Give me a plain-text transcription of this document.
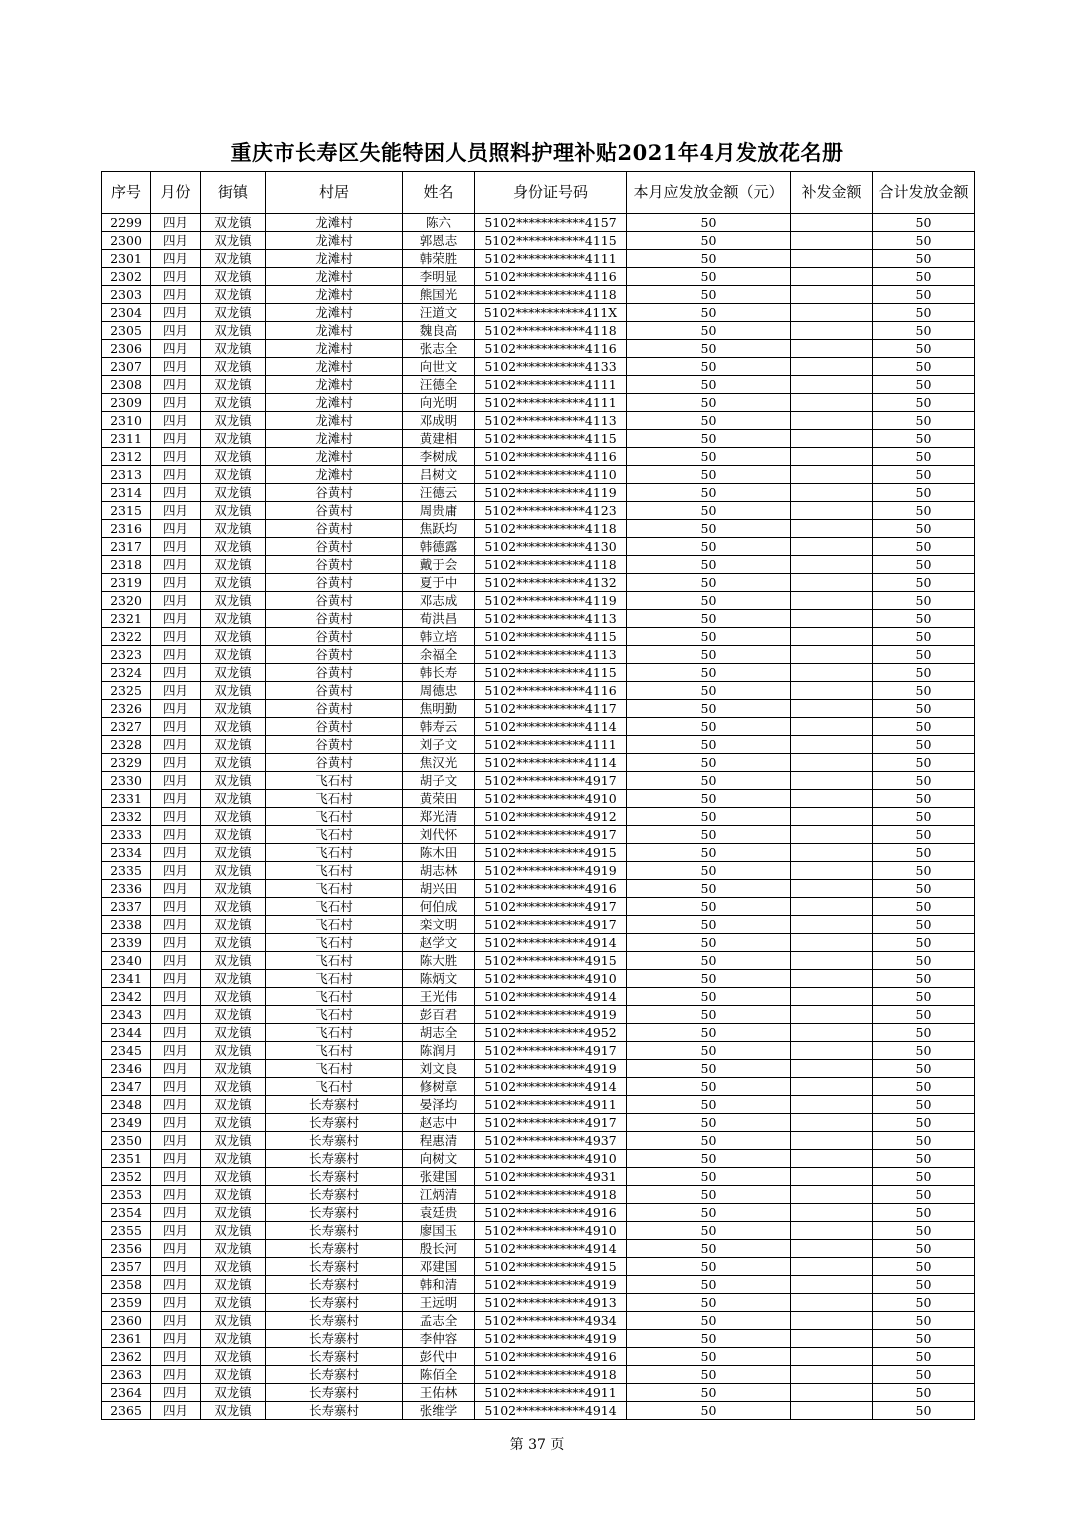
重庆市长寿区失能特困人员照料护理补贴2021年4月发放花名册
序号	月份	街镇	村居	姓名	身份证号码	本月应发放金额（元）	补发金额	合计发放金额
2299	四月	双龙镇	龙滩村	陈六	5102***********4157	50		50
2300	四月	双龙镇	龙滩村	郭恩志	5102***********4115	50		50
2301	四月	双龙镇	龙滩村	韩荣胜	5102***********4111	50		50
2302	四月	双龙镇	龙滩村	李明显	5102***********4116	50		50
2303	四月	双龙镇	龙滩村	熊国光	5102***********4118	50		50
2304	四月	双龙镇	龙滩村	汪道文	5102***********411X	50		50
2305	四月	双龙镇	龙滩村	魏良高	5102***********4118	50		50
2306	四月	双龙镇	龙滩村	张志全	5102***********4116	50		50
2307	四月	双龙镇	龙滩村	向世文	5102***********4133	50		50
2308	四月	双龙镇	龙滩村	汪德全	5102***********4111	50		50
2309	四月	双龙镇	龙滩村	向光明	5102***********4111	50		50
2310	四月	双龙镇	龙滩村	邓成明	5102***********4113	50		50
2311	四月	双龙镇	龙滩村	黄建相	5102***********4115	50		50
2312	四月	双龙镇	龙滩村	李树成	5102***********4116	50		50
2313	四月	双龙镇	龙滩村	吕树文	5102***********4110	50		50
2314	四月	双龙镇	谷黄村	汪德云	5102***********4119	50		50
2315	四月	双龙镇	谷黄村	周贵庸	5102***********4123	50		50
2316	四月	双龙镇	谷黄村	焦跃均	5102***********4118	50		50
2317	四月	双龙镇	谷黄村	韩德露	5102***********4130	50		50
2318	四月	双龙镇	谷黄村	戴于会	5102***********4118	50		50
2319	四月	双龙镇	谷黄村	夏于中	5102***********4132	50		50
2320	四月	双龙镇	谷黄村	邓志成	5102***********4119	50		50
2321	四月	双龙镇	谷黄村	荀洪昌	5102***********4113	50		50
2322	四月	双龙镇	谷黄村	韩立培	5102***********4115	50		50
2323	四月	双龙镇	谷黄村	余福全	5102***********4113	50		50
2324	四月	双龙镇	谷黄村	韩长寿	5102***********4115	50		50
2325	四月	双龙镇	谷黄村	周德忠	5102***********4116	50		50
2326	四月	双龙镇	谷黄村	焦明勤	5102***********4117	50		50
2327	四月	双龙镇	谷黄村	韩寿云	5102***********4114	50		50
2328	四月	双龙镇	谷黄村	刘子文	5102***********4111	50		50
2329	四月	双龙镇	谷黄村	焦汉光	5102***********4114	50		50
2330	四月	双龙镇	飞石村	胡子文	5102***********4917	50		50
2331	四月	双龙镇	飞石村	黄荣田	5102***********4910	50		50
2332	四月	双龙镇	飞石村	郑光清	5102***********4912	50		50
2333	四月	双龙镇	飞石村	刘代怀	5102***********4917	50		50
2334	四月	双龙镇	飞石村	陈木田	5102***********4915	50		50
2335	四月	双龙镇	飞石村	胡志林	5102***********4919	50		50
2336	四月	双龙镇	飞石村	胡兴田	5102***********4916	50		50
2337	四月	双龙镇	飞石村	何伯成	5102***********4917	50		50
2338	四月	双龙镇	飞石村	栾文明	5102***********4917	50		50
2339	四月	双龙镇	飞石村	赵学文	5102***********4914	50		50
2340	四月	双龙镇	飞石村	陈大胜	5102***********4915	50		50
2341	四月	双龙镇	飞石村	陈炳文	5102***********4910	50		50
2342	四月	双龙镇	飞石村	王光伟	5102***********4914	50		50
2343	四月	双龙镇	飞石村	彭百君	5102***********4919	50		50
2344	四月	双龙镇	飞石村	胡志全	5102***********4952	50		50
2345	四月	双龙镇	飞石村	陈润月	5102***********4917	50		50
2346	四月	双龙镇	飞石村	刘文良	5102***********4919	50		50
2347	四月	双龙镇	飞石村	修树章	5102***********4914	50		50
2348	四月	双龙镇	长寿寨村	晏泽均	5102***********4911	50		50
2349	四月	双龙镇	长寿寨村	赵志中	5102***********4917	50		50
2350	四月	双龙镇	长寿寨村	程惠清	5102***********4937	50		50
2351	四月	双龙镇	长寿寨村	向树文	5102***********4910	50		50
2352	四月	双龙镇	长寿寨村	张建国	5102***********4931	50		50
2353	四月	双龙镇	长寿寨村	江炳清	5102***********4918	50		50
2354	四月	双龙镇	长寿寨村	袁廷贵	5102***********4916	50		50
2355	四月	双龙镇	长寿寨村	廖国玉	5102***********4910	50		50
2356	四月	双龙镇	长寿寨村	殷长河	5102***********4914	50		50
2357	四月	双龙镇	长寿寨村	邓建国	5102***********4915	50		50
2358	四月	双龙镇	长寿寨村	韩和清	5102***********4919	50		50
2359	四月	双龙镇	长寿寨村	王远明	5102***********4913	50		50
2360	四月	双龙镇	长寿寨村	孟志全	5102***********4934	50		50
2361	四月	双龙镇	长寿寨村	李仲容	5102***********4919	50		50
2362	四月	双龙镇	长寿寨村	彭代中	5102***********4916	50		50
2363	四月	双龙镇	长寿寨村	陈佰全	5102***********4918	50		50
2364	四月	双龙镇	长寿寨村	王佑林	5102***********4911	50		50
2365	四月	双龙镇	长寿寨村	张维学	5102***********4914	50		50
第 37 页
